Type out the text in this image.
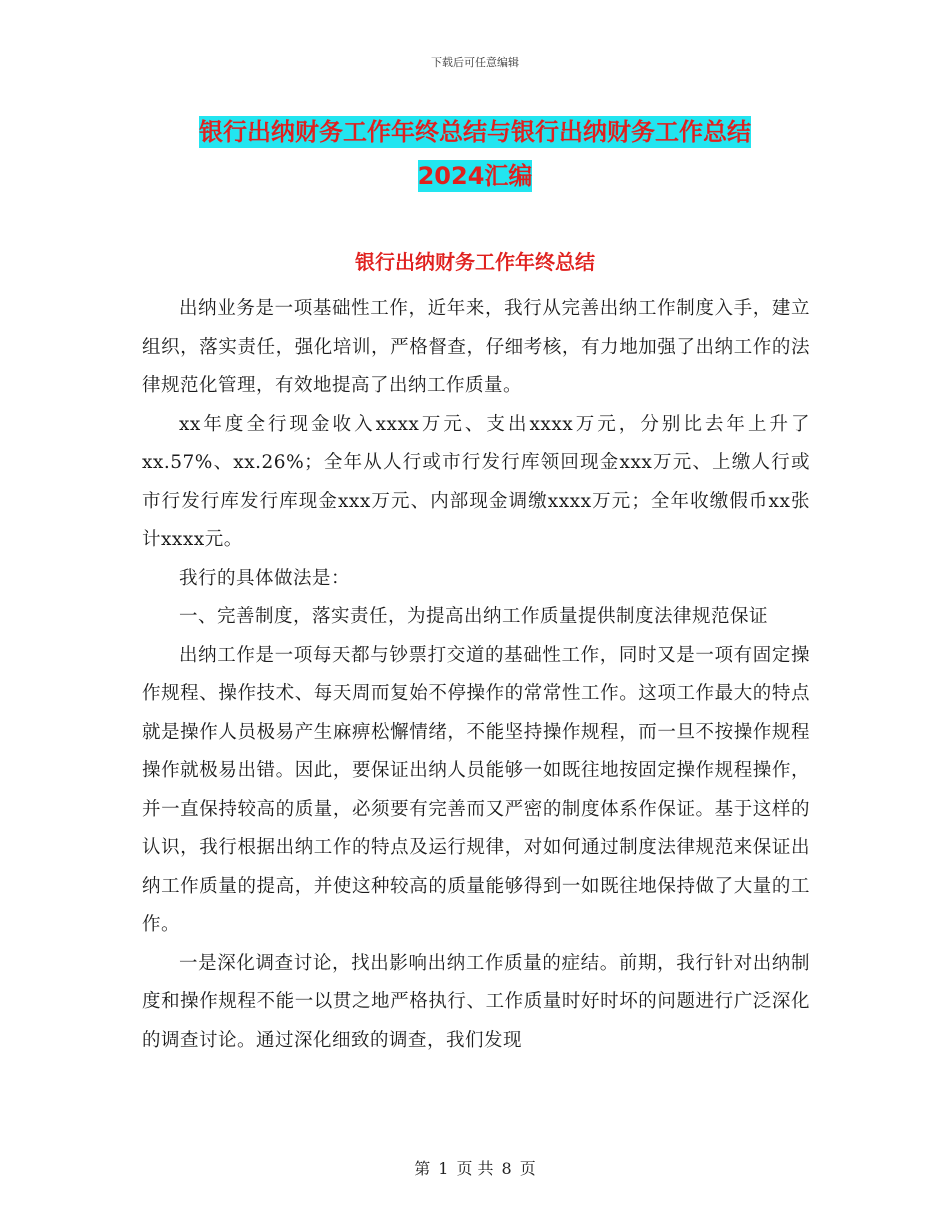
下载后可任意编辑
银行出纳财务工作年终总结与银行出纳财务工作总结
2024汇编
银行出纳财务工作年终总结

出纳业务是一项基础性工作，近年来，我行从完善出纳工作制度入手，建立组织，落实责任，强化培训，严格督查，仔细考核，有力地加强了出纳工作的法律规范化管理，有效地提高了出纳工作质量。

xx年度全行现金收入xxxx万元、支出xxxx万元，分别比去年上升了xx.57%、xx.26%；全年从人行或市行发行库领回现金xxx万元、上缴人行或市行发行库发行库现金xxx万元、内部现金调缴xxxx万元；全年收缴假币xx张计xxxx元。

我行的具体做法是：

一、完善制度，落实责任，为提高出纳工作质量提供制度法律规范保证

出纳工作是一项每天都与钞票打交道的基础性工作，同时又是一项有固定操作规程、操作技术、每天周而复始不停操作的常常性工作。这项工作最大的特点就是操作人员极易产生麻痹松懈情绪，不能坚持操作规程，而一旦不按操作规程操作就极易出错。因此，要保证出纳人员能够一如既往地按固定操作规程操作，并一直保持较高的质量，必须要有完善而又严密的制度体系作保证。基于这样的认识，我行根据出纳工作的特点及运行规律，对如何通过制度法律规范来保证出纳工作质量的提高，并使这种较高的质量能够得到一如既往地保持做了大量的工作。

一是深化调查讨论，找出影响出纳工作质量的症结。前期，我行针对出纳制度和操作规程不能一以贯之地严格执行、工作质量时好时坏的问题进行广泛深化的调查讨论。通过深化细致的调查，我们发现

第 1 页 共 8 页
